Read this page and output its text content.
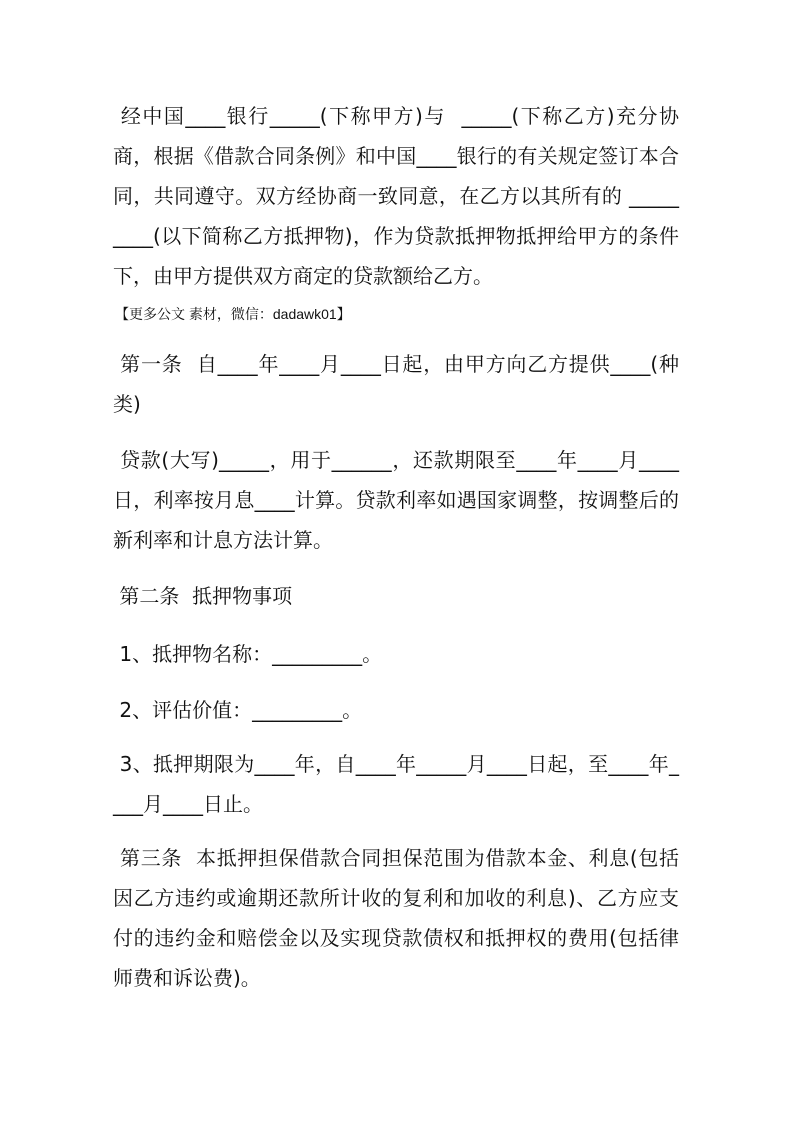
经中国____银行_____(下称甲方)与  _____(下称乙方)充分协商，根据《借款合同条例》和中国____银行的有关规定签订本合同，共同遵守。双方经协商一致同意，在乙方以其所有的 _________(以下简称乙方抵押物)，作为贷款抵押物抵押给甲方的条件下，由甲方提供双方商定的贷款额给乙方。

【更多公文 素材，微信：dadawk01】

第一条  自____年____月____日起，由甲方向乙方提供____(种类)

贷款(大写)_____，用于______，还款期限至____年____月____日，利率按月息____计算。贷款利率如遇国家调整，按调整后的新利率和计息方法计算。

第二条  抵押物事项

1、抵押物名称：_________。

2、评估价值：_________。

3、抵押期限为____年，自____年_____月____日起，至____年____月____日止。

第三条  本抵押担保借款合同担保范围为借款本金、利息(包括因乙方违约或逾期还款所计收的复利和加收的利息)、乙方应支付的违约金和赔偿金以及实现贷款债权和抵押权的费用(包括律师费和诉讼费)。
